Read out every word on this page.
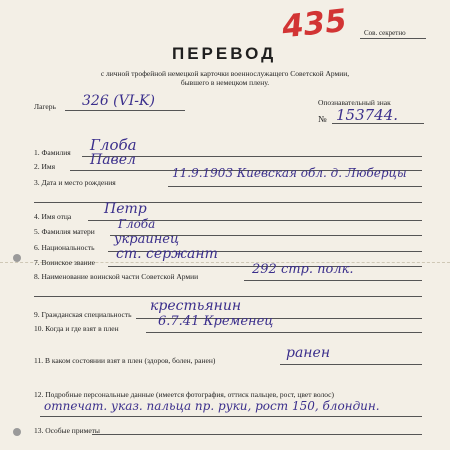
Сов. секретно
435
ПЕРЕВОД
с личной трофейной немецкой карточки военнослужащего Советской Армии,
бывшего в немецком плену.
Лагерь 326 (VI-K)	Опознавательный знак
№ 153744.
1. Фамилия Глоба
2. Имя Павел
3. Дата и место рождения
11.9.1903 Киевская обл. д. Люберцы
4. Имя отца Петр
5. Фамилия матери
Глоба
6. Национальность
украинец
7. Воинское звание
ст. сержант
8. Наименование воинской части Советской Армии	292 стр. полк.
9. Гражданская специальность
крестьянин
10. Когда и где взят в плен	6.7.41 Кременец
11. В каком состоянии взят в плен (здоров, болен, ранен)	ранен
12. Подробные персональные данные (имеется фотография, оттиск пальцев, рост, цвет волос)
отпечат. указ. пальца пр. руки, рост 150, блондин.
13. Особые приметы
